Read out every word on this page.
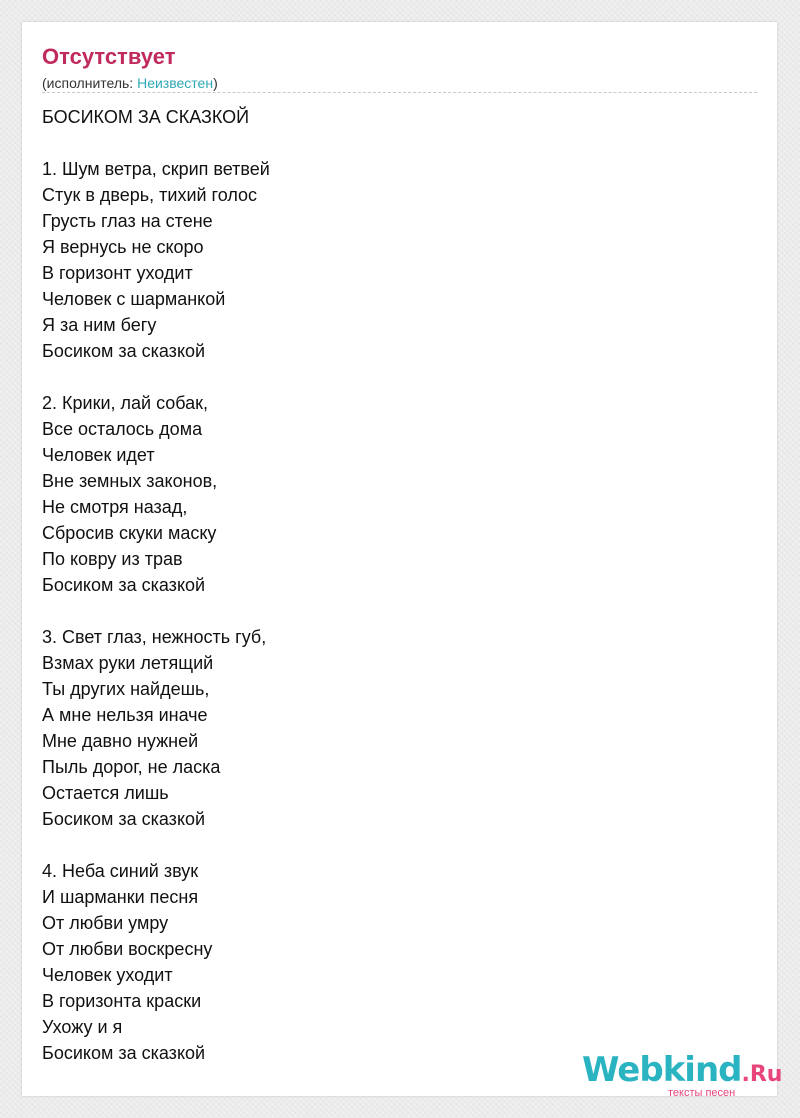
Отсутствует
(исполнитель: Неизвестен)
БОСИКОМ ЗА СКАЗКОЙ
1. Шум ветра, скрип ветвей
Стук в дверь, тихий голос
Грусть глаз на стене
Я вернусь не скоро
В горизонт уходит
Человек с шарманкой
Я за ним бегу
Босиком за сказкой
2. Крики, лай собак,
Все осталось дома
Человек идет
Вне земных законов,
Не смотря назад,
Сбросив скуки маску
По ковру из трав
Босиком за сказкой
3. Свет глаз, нежность губ,
Взмах руки летящий
Ты других найдешь,
А мне нельзя иначе
Мне давно нужней
Пыль дорог, не ласка
Остается лишь
Босиком за сказкой
4. Неба синий звук
И шарманки песня
От любви умру
От любви воскресну
Человек уходит
В горизонта краски
Ухожу и я
Босиком за сказкой	Webkind.Ru
тексты песен
